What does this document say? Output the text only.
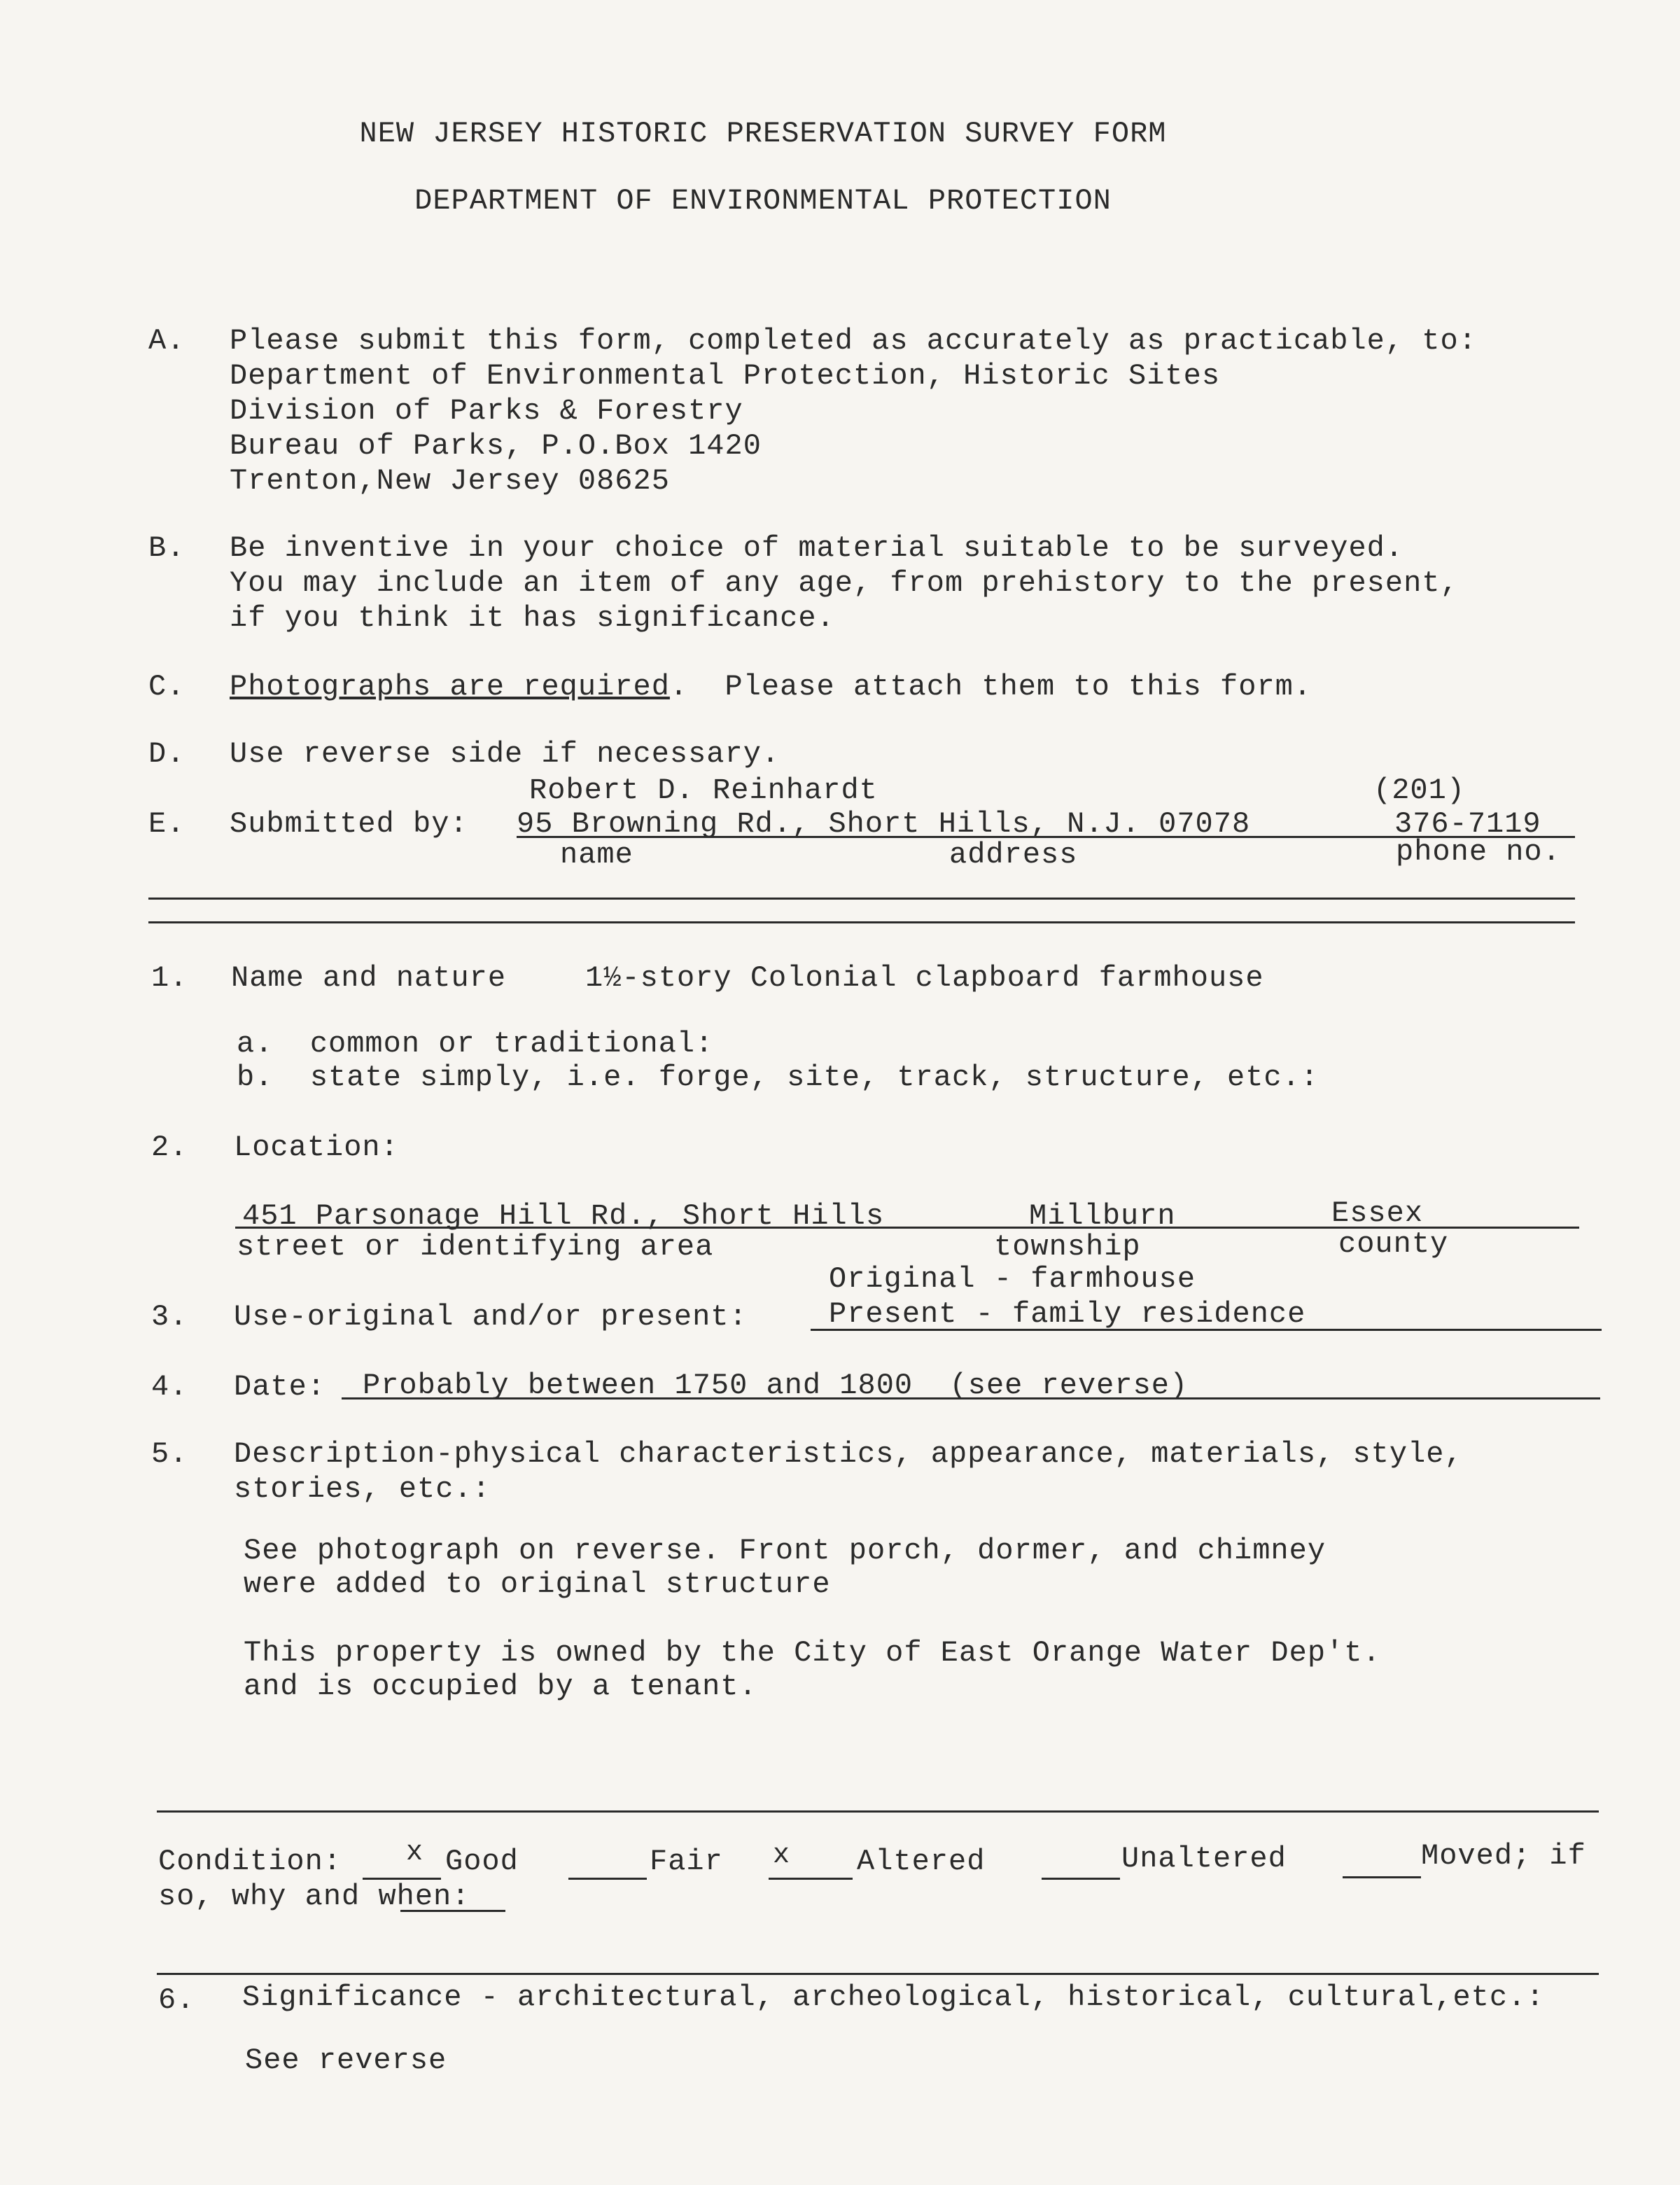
NEW JERSEY HISTORIC PRESERVATION SURVEY FORM
DEPARTMENT OF ENVIRONMENTAL PROTECTION
A. Please submit this form, completed as accurately as practicable, to:
Department of Environmental Protection, Historic Sites
Division of Parks & Forestry
Bureau of Parks, P.O.Box 1420
Trenton,New Jersey 08625
B. Be inventive in your choice of material suitable to be surveyed.
You may include an item of any age, from prehistory to the present,
if you think it has significance.
C. Photographs are required.  Please attach them to this form.
D. Use reverse side if necessary.
Robert D. Reinhardt	(201)
E. Submitted by: 95 Browning Rd., Short Hills, N.J. 07078	376-7119
name	address	phone no.
1. Name and nature	1½-story Colonial clapboard farmhouse
a.  common or traditional:
b.  state simply, i.e. forge, site, track, structure, etc.:
2. Location:
451 Parsonage Hill Rd., Short Hills	Millburn	Essex
street or identifying area	township	county
Original - farmhouse
3. Use-original and/or present:	Present - family residence
4. Date: Probably between 1750 and 1800  (see reverse)
5. Description-physical characteristics, appearance, materials, style,
stories, etc.:
See photograph on reverse. Front porch, dormer, and chimney
were added to original structure
This property is owned by the City of East Orange Water Dep't.
and is occupied by a tenant.
Condition: x Good	Fair x Altered	Unaltered	Moved; if
so, why and when:
6. Significance - architectural, archeological, historical, cultural,etc.:
See reverse
